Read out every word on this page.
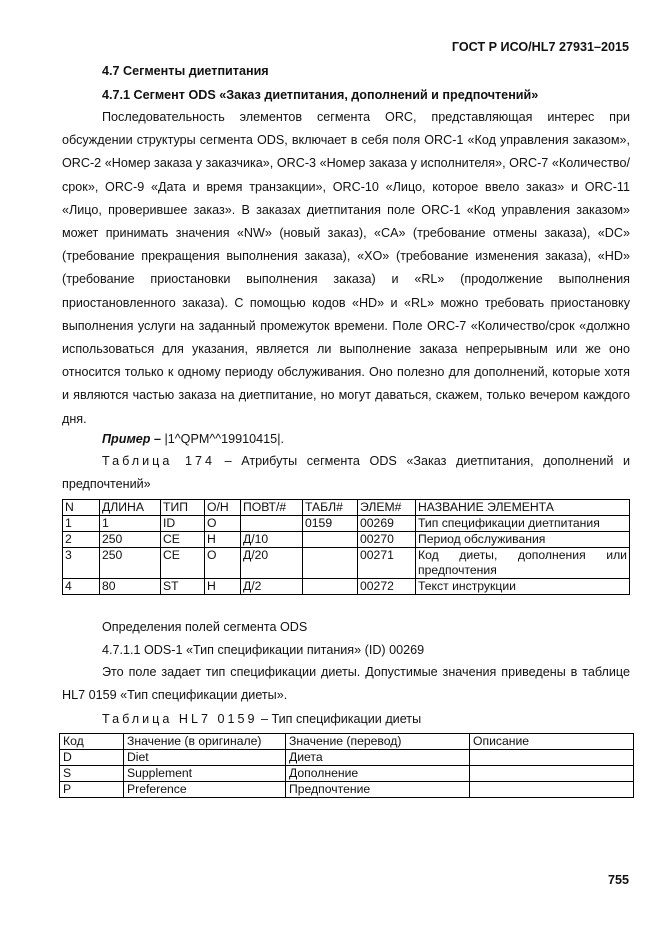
ГОСТ Р ИСО/HL7 27931–2015
4.7 Сегменты диетпитания
4.7.1 Сегмент ODS «Заказ диетпитания, дополнений и предпочтений»

Последовательность элементов сегмента ORC, представляющая интерес при обсуждении структуры сегмента ODS, включает в себя поля ORC-1 «Код управления заказом», ORC-2 «Номер заказа у заказчика», ORC-3 «Номер заказа у исполнителя», ORC-7 «Количество/срок», ORC-9 «Дата и время транзакции», ORC-10 «Лицо, которое ввело заказ» и ORC-11 «Лицо, проверившее заказ». В заказах диетпитания поле ORC-1 «Код управления заказом» может принимать значения «NW» (новый заказ), «CA» (требование отмены заказа), «DC» (требование прекращения выполнения заказа), «XO» (требование изменения заказа), «HD» (требование приостановки выполнения заказа) и «RL» (продолжение выполнения приостановленного заказа). С помощью кодов «HD» и «RL» можно требовать приостановку выполнения услуги на заданный промежуток времени. Поле ORC-7 «Количество/срок «должно использоваться для указания, является ли выполнение заказа непрерывным или же оно относится только к одному периоду обслуживания. Оно полезно для дополнений, которые хотя и являются частью заказа на диетпитание, но могут даваться, скажем, только вечером каждого дня.

Пример – |1^QPM^^19910415|.
Таблица 174 – Атрибуты сегмента ODS «Заказ диетпитания, дополнений и предпочтений»
N	ДЛИНА	ТИП	О/Н	ПОВТ/#	ТАБЛ#	ЭЛЕМ#	НАЗВАНИЕ ЭЛЕМЕНТА
1	1	ID	О		0159	00269	Тип спецификации диетпитания
2	250	CE	Н	Д/10		00270	Период обслуживания
3	250	CE	О	Д/20		00271	Код диеты, дополнения или предпочтения
4	80	ST	Н	Д/2		00272	Текст инструкции
Определения полей сегмента ODS
4.7.1.1 ODS-1 «Тип спецификации питания» (ID) 00269

Это поле задает тип спецификации диеты. Допустимые значения приведены в таблице HL7 0159 «Тип спецификации диеты».

Таблица HL7 0159 – Тип спецификации диеты
Код	Значение (в оригинале)	Значение (перевод)	Описание
D	Diet	Диета	
S	Supplement	Дополнение	
P	Preference	Предпочтение	
755
